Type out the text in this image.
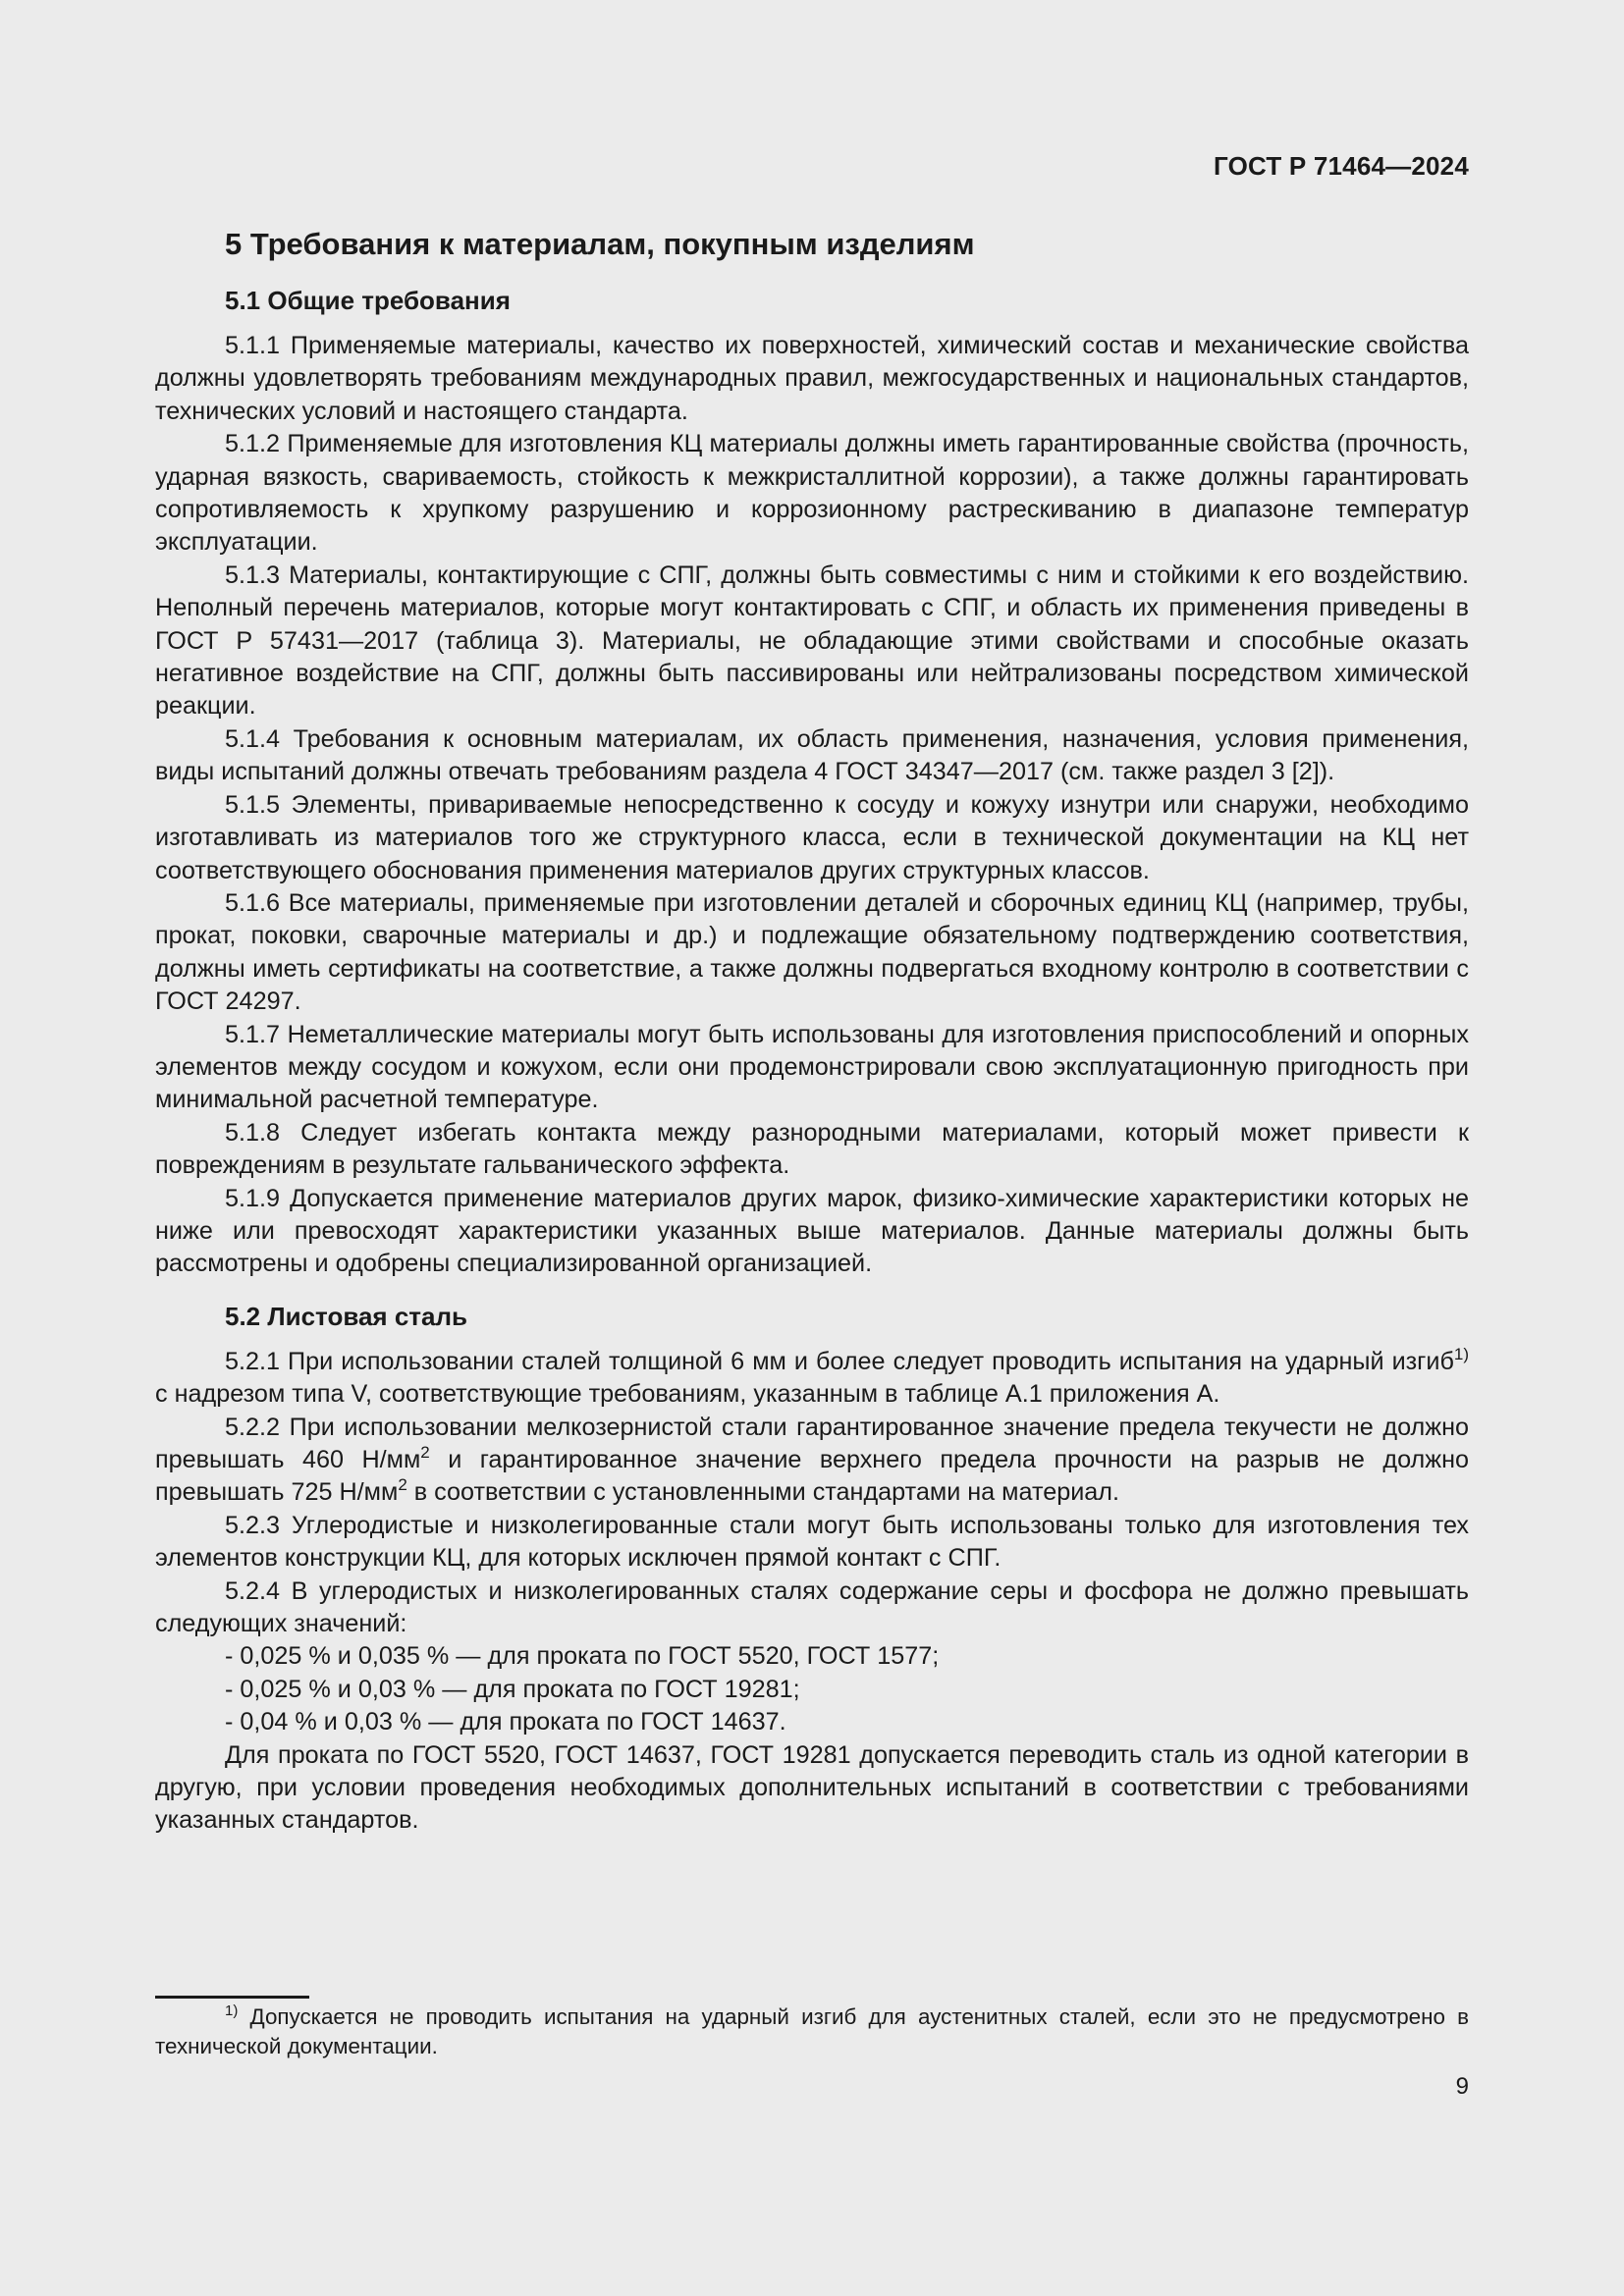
ГОСТ Р 71464—2024
5 Требования к материалам, покупным изделиям
5.1 Общие требования

5.1.1 Применяемые материалы, качество их поверхностей, химический состав и механические свойства должны удовлетворять требованиям международных правил, межгосударственных и национальных стандартов, технических условий и настоящего стандарта.

5.1.2 Применяемые для изготовления КЦ материалы должны иметь гарантированные свойства (прочность, ударная вязкость, свариваемость, стойкость к межкристаллитной коррозии), а также должны гарантировать сопротивляемость к хрупкому разрушению и коррозионному растрескиванию в диапазоне температур эксплуатации.

5.1.3 Материалы, контактирующие с СПГ, должны быть совместимы с ним и стойкими к его воздействию. Неполный перечень материалов, которые могут контактировать с СПГ, и область их применения приведены в ГОСТ Р 57431—2017 (таблица 3). Материалы, не обладающие этими свойствами и способные оказать негативное воздействие на СПГ, должны быть пассивированы или нейтрализованы посредством химической реакции.

5.1.4 Требования к основным материалам, их область применения, назначения, условия применения, виды испытаний должны отвечать требованиям раздела 4 ГОСТ 34347—2017 (см. также раздел 3 [2]).

5.1.5 Элементы, привариваемые непосредственно к сосуду и кожуху изнутри или снаружи, необходимо изготавливать из материалов того же структурного класса, если в технической документации на КЦ нет соответствующего обоснования применения материалов других структурных классов.

5.1.6 Все материалы, применяемые при изготовлении деталей и сборочных единиц КЦ (например, трубы, прокат, поковки, сварочные материалы и др.) и подлежащие обязательному подтверждению соответствия, должны иметь сертификаты на соответствие, а также должны подвергаться входному контролю в соответствии с ГОСТ 24297.

5.1.7 Неметаллические материалы могут быть использованы для изготовления приспособлений и опорных элементов между сосудом и кожухом, если они продемонстрировали свою эксплуатационную пригодность при минимальной расчетной температуре.

5.1.8 Следует избегать контакта между разнородными материалами, который может привести к повреждениям в результате гальванического эффекта.

5.1.9 Допускается применение материалов других марок, физико-химические характеристики которых не ниже или превосходят характеристики указанных выше материалов. Данные материалы должны быть рассмотрены и одобрены специализированной организацией.

5.2 Листовая сталь

5.2.1 При использовании сталей толщиной 6 мм и более следует проводить испытания на ударный изгиб$^{1)}$ с надрезом типа V, соответствующие требованиям, указанным в таблице А.1 приложения А.

5.2.2 При использовании мелкозернистой стали гарантированное значение предела текучести не должно превышать 460 $Н/мм^2$ и гарантированное значение верхнего предела прочности на разрыв не должно превышать 725 $Н/мм^2$ в соответствии с установленными стандартами на материал.

5.2.3 Углеродистые и низколегированные стали могут быть использованы только для изготовления тех элементов конструкции КЦ, для которых исключен прямой контакт с СПГ.

5.2.4 В углеродистых и низколегированных сталях содержание серы и фосфора не должно превышать следующих значений:

- 0,025 % и 0,035 % — для проката по ГОСТ 5520, ГОСТ 1577;

- 0,025 % и 0,03 % — для проката по ГОСТ 19281;

- 0,04 % и 0,03 % — для проката по ГОСТ 14637.

Для проката по ГОСТ 5520, ГОСТ 14637, ГОСТ 19281 допускается переводить сталь из одной категории в другую, при условии проведения необходимых дополнительных испытаний в соответствии с требованиями указанных стандартов.

$^{1)}$ Допускается не проводить испытания на ударный изгиб для аустенитных сталей, если это не предусмотрено в технической документации.
9
